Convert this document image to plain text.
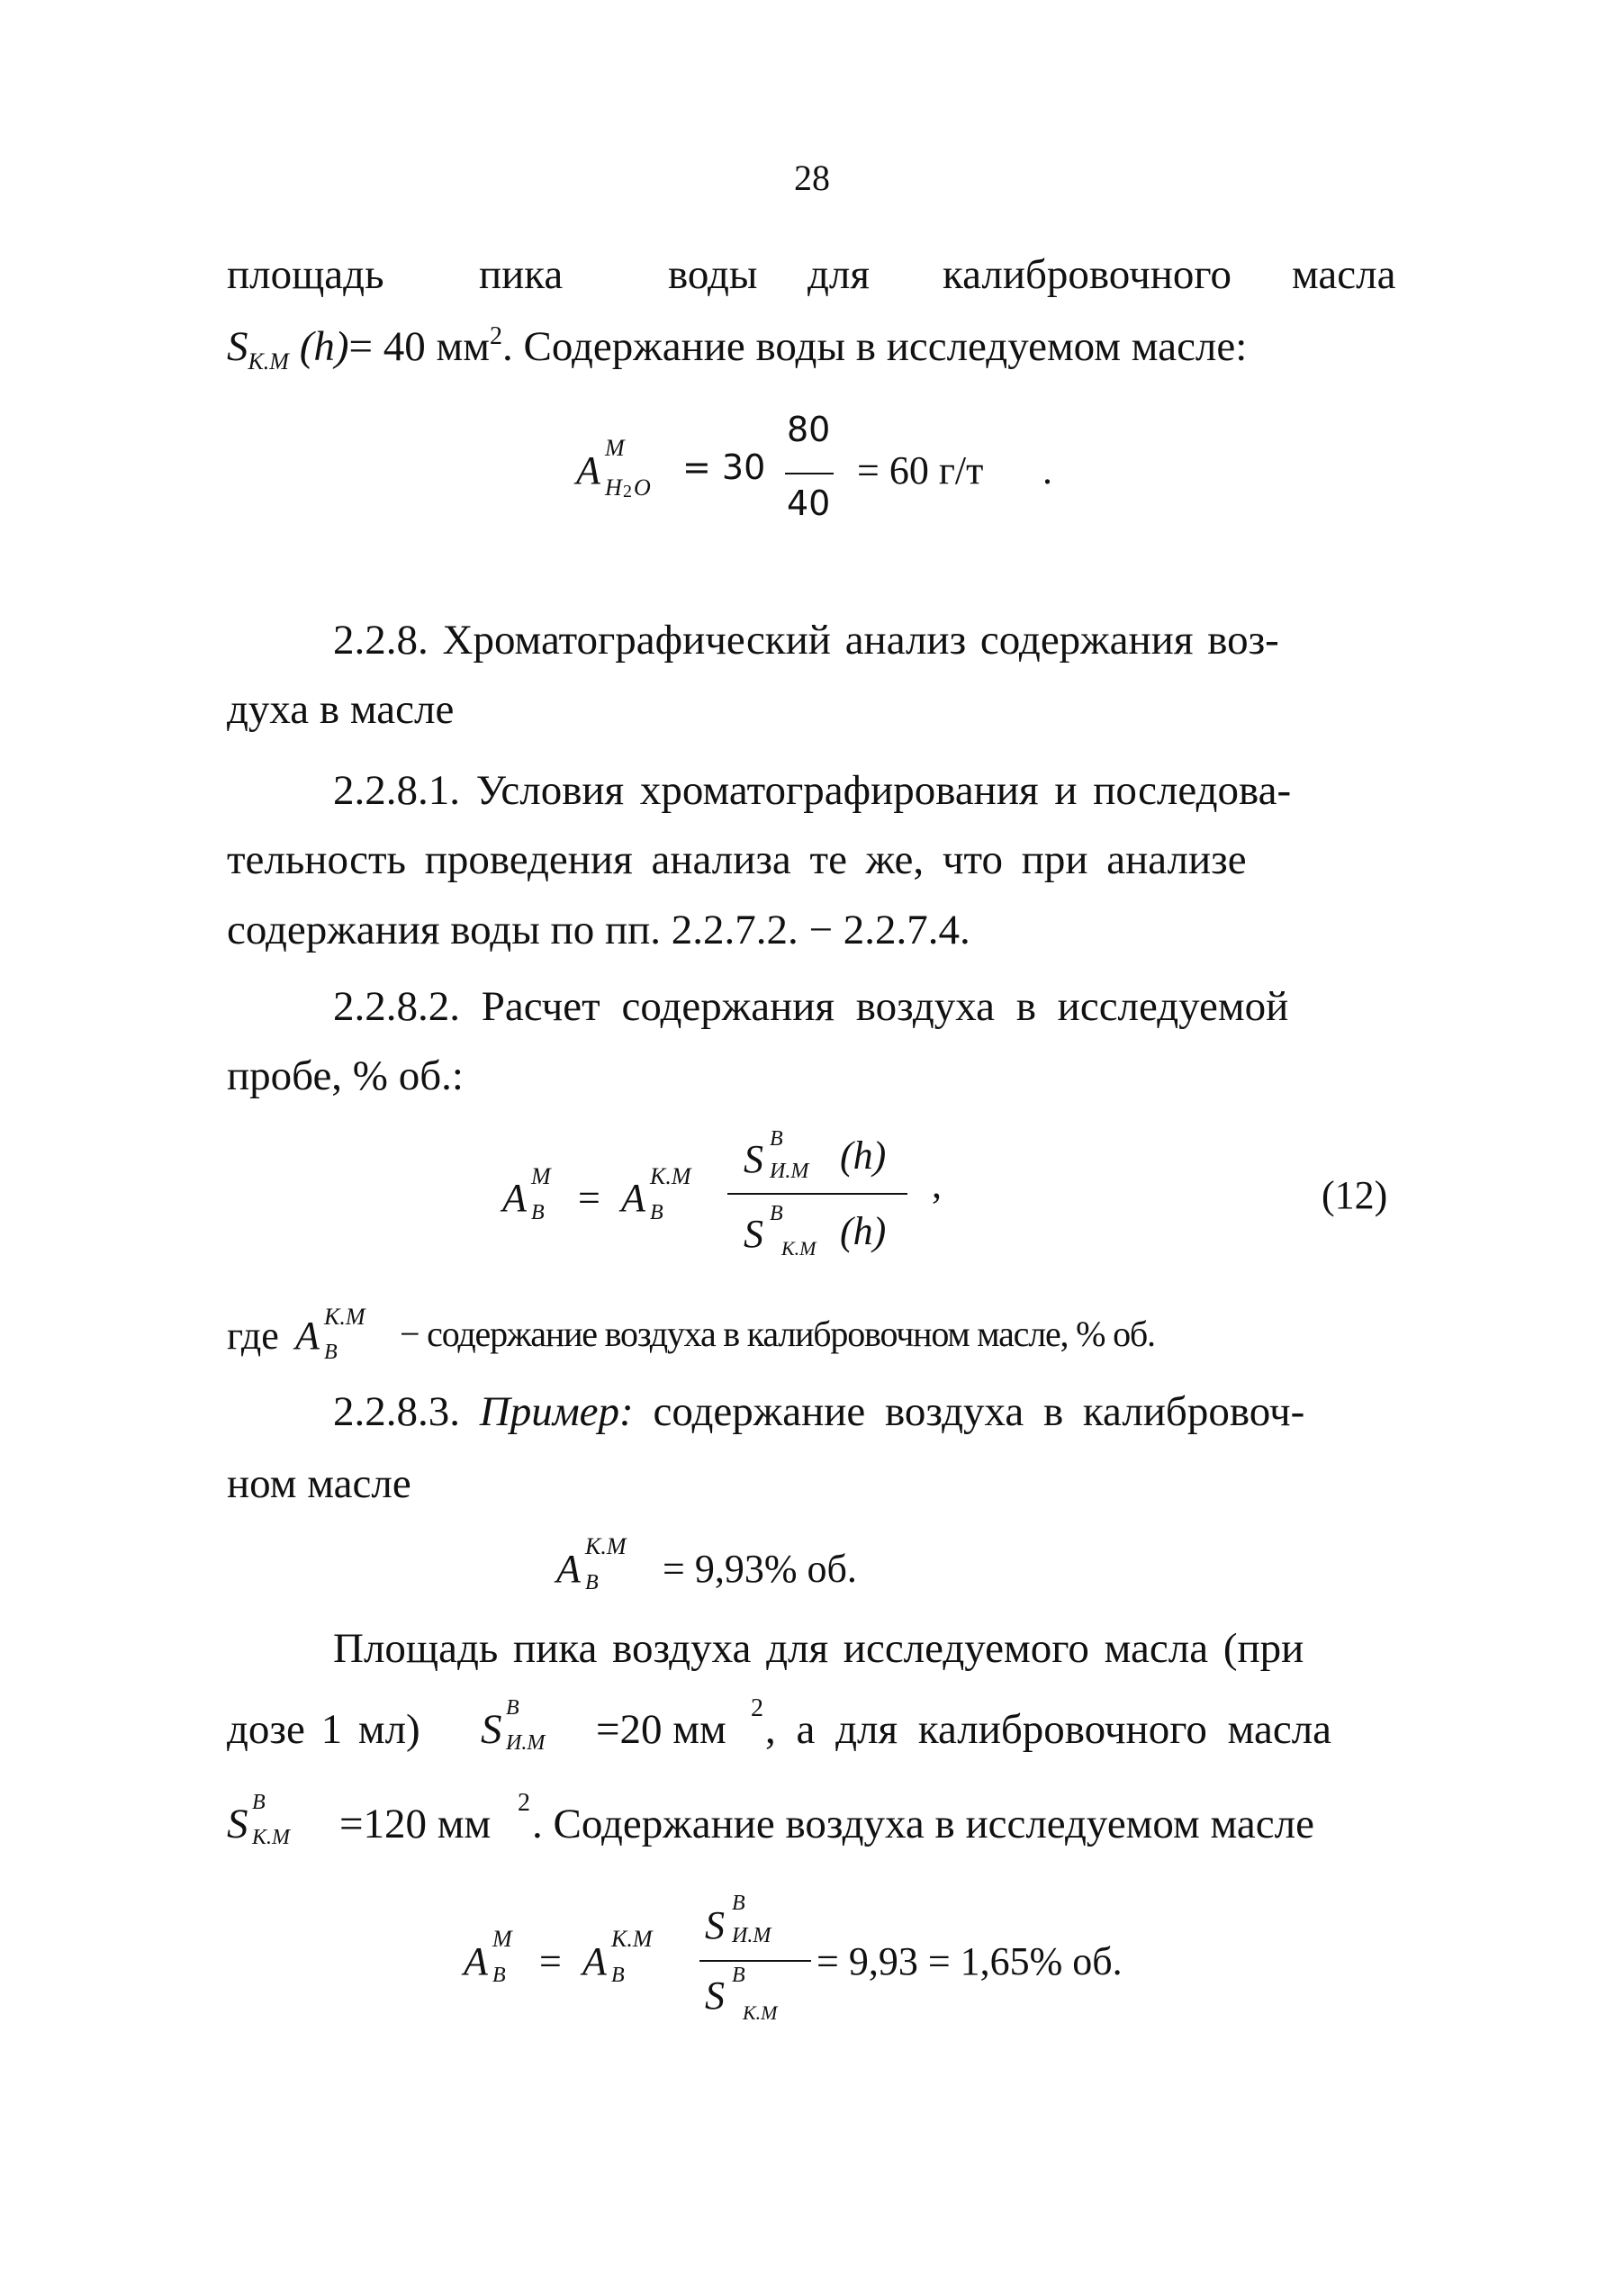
28
площадь пика воды для калибровочного масла
$S_{К.М}$ (h)= 40 $мм^2$. Содержание воды в исследуемом масле:
A
M
H 2 O
= 30
80
40
= 60 г/т .
2.2.8. Хроматографический анализ содержания воз-
духа в масле
2.2.8.1. Условия хроматографирования и последова-
тельность проведения анализа те же, что при анализе
содержания воды по пп. 2.2.7.2. − 2.2.7.4.
2.2.8.2. Расчет содержания воздуха в исследуемой
пробе, % об.:
A M
B = A K.M
B
S B
И.М (h)
S B
К.М (h)
,	(12)
где A K.M
B − содержание воздуха в калибровочном масле, % об.
2.2.8.3. Пример: содержание воздуха в калибровоч-
ном масле
A
K.M
B = 9,93% об.
Площадь пика воздуха для исследуемого масла (при
дозе 1 мл) S B
И.М =20 мм 2 , а для калибровочного масла
S B
К.М =120 мм 2 . Содержание воздуха в исследуемом масле
A
M
B = A
K.M
B
S B
И.М
S B
К.М
= 9,93 = 1,65% об.
